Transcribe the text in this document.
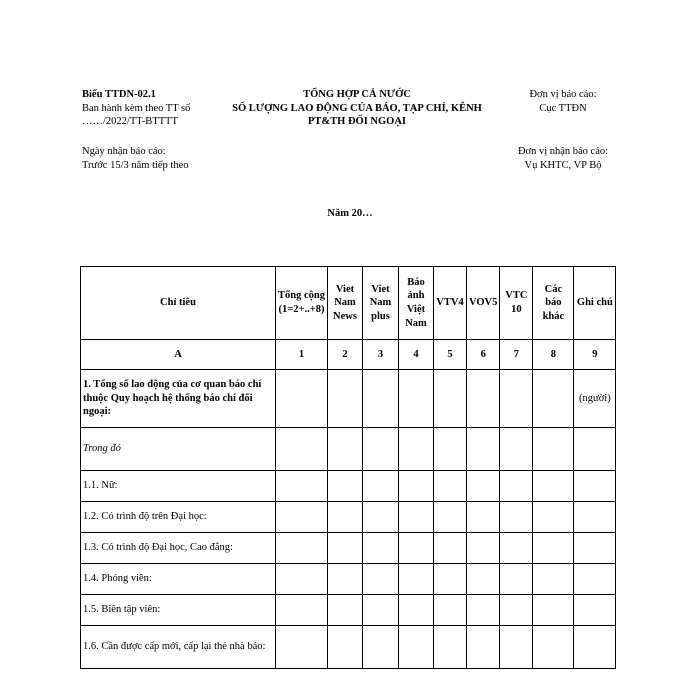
Biểu TTDN-02.1
Ban hành kèm theo TT số
……/2022/TT-BTTTT
TỔNG HỢP CẢ NƯỚC
SỐ LƯỢNG LAO ĐỘNG CỦA BÁO, TẠP CHÍ, KÊNH
PT&TH ĐỐI NGOẠI
Đơn vị báo cáo:
Cục TTĐN
Ngày nhận báo cáo:
Trước 15/3 năm tiếp theo
Đơn vị nhận báo cáo:
Vụ KHTC, VP Bộ
Năm 20…
Chỉ tiêu	Tổng cộng (1=2+..+8)	Viet Nam News	Viet Nam plus	Báo ảnh Việt Nam	VTV4	VOV5	VTC 10	Các báo khác	Ghi chú
A	1	2	3	4	5	6	7	8	9
1. Tổng số lao động của cơ quan báo chí thuộc Quy hoạch hệ thống báo chí đối ngoại:									(người)
Trong đó									
1.1. Nữ:									
1.2. Có trình độ trên Đại học:									
1.3. Có trình độ Đại học, Cao đẳng:									
1.4. Phóng viên:									
1.5. Biên tập viên:									
1.6. Cần được cấp mới, cấp lại thẻ nhà báo:									
